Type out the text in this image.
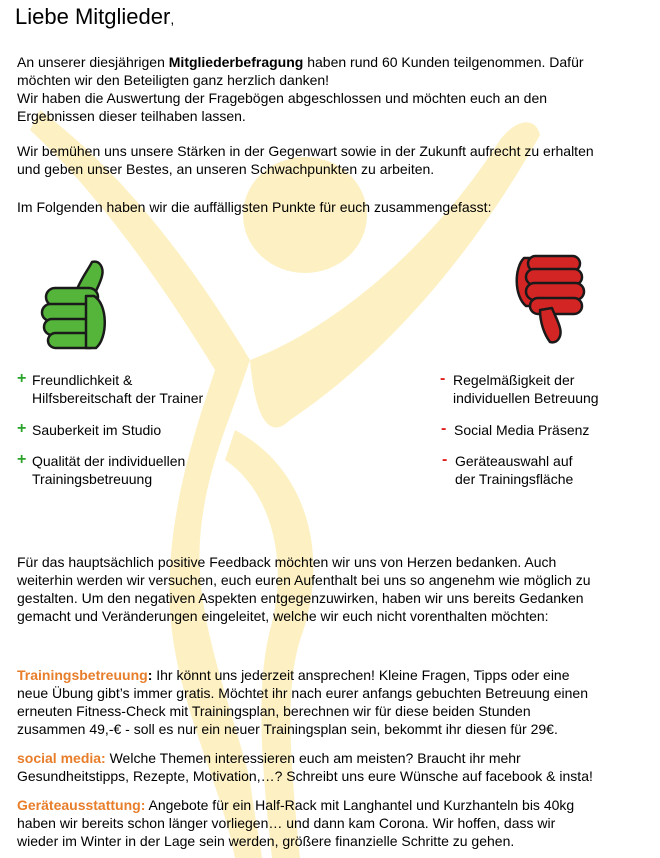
Liebe Mitglieder,

An unserer diesjährigen Mitgliederbefragung haben rund 60 Kunden teilgenommen. Dafür
möchten wir den Beteiligten ganz herzlich danken!
Wir haben die Auswertung der Fragebögen abgeschlossen und möchten euch an den
Ergebnissen dieser teilhaben lassen.

Wir bemühen uns unsere Stärken in der Gegenwart sowie in der Zukunft aufrecht zu erhalten
und geben unser Bestes, an unseren Schwachpunkten zu arbeiten.

Im Folgenden haben wir die auffälligsten Punkte für euch zusammengefasst:

+ Freundlichkeit &
Hilfsbereitschaft der Trainer
+ Sauberkeit im Studio
+ Qualität der individuellen
Trainingsbetreuung
- Regelmäßigkeit der
individuellen Betreuung
- Social Media Präsenz
- Geräteauswahl auf
der Trainingsfläche

Für das hauptsächlich positive Feedback möchten wir uns von Herzen bedanken. Auch
weiterhin werden wir versuchen, euch euren Aufenthalt bei uns so angenehm wie möglich zu
gestalten. Um den negativen Aspekten entgegenzuwirken, haben wir uns bereits Gedanken
gemacht und Veränderungen eingeleitet, welche wir euch nicht vorenthalten möchten:

Trainingsbetreuung: Ihr könnt uns jederzeit ansprechen! Kleine Fragen, Tipps oder eine
neue Übung gibt’s immer gratis. Möchtet ihr nach eurer anfangs gebuchten Betreuung einen
erneuten Fitness-Check mit Trainingsplan, berechnen wir für diese beiden Stunden
zusammen 49,-€ - soll es nur ein neuer Trainingsplan sein, bekommt ihr diesen für 29€.

social media: Welche Themen interessieren euch am meisten? Braucht ihr mehr
Gesundheitstipps, Rezepte, Motivation,…? Schreibt uns eure Wünsche auf facebook & insta!

Geräteausstattung: Angebote für ein Half-Rack mit Langhantel und Kurzhanteln bis 40kg
haben wir bereits schon länger vorliegen… und dann kam Corona. Wir hoffen, dass wir
wieder im Winter in der Lage sein werden, größere finanzielle Schritte zu gehen.
